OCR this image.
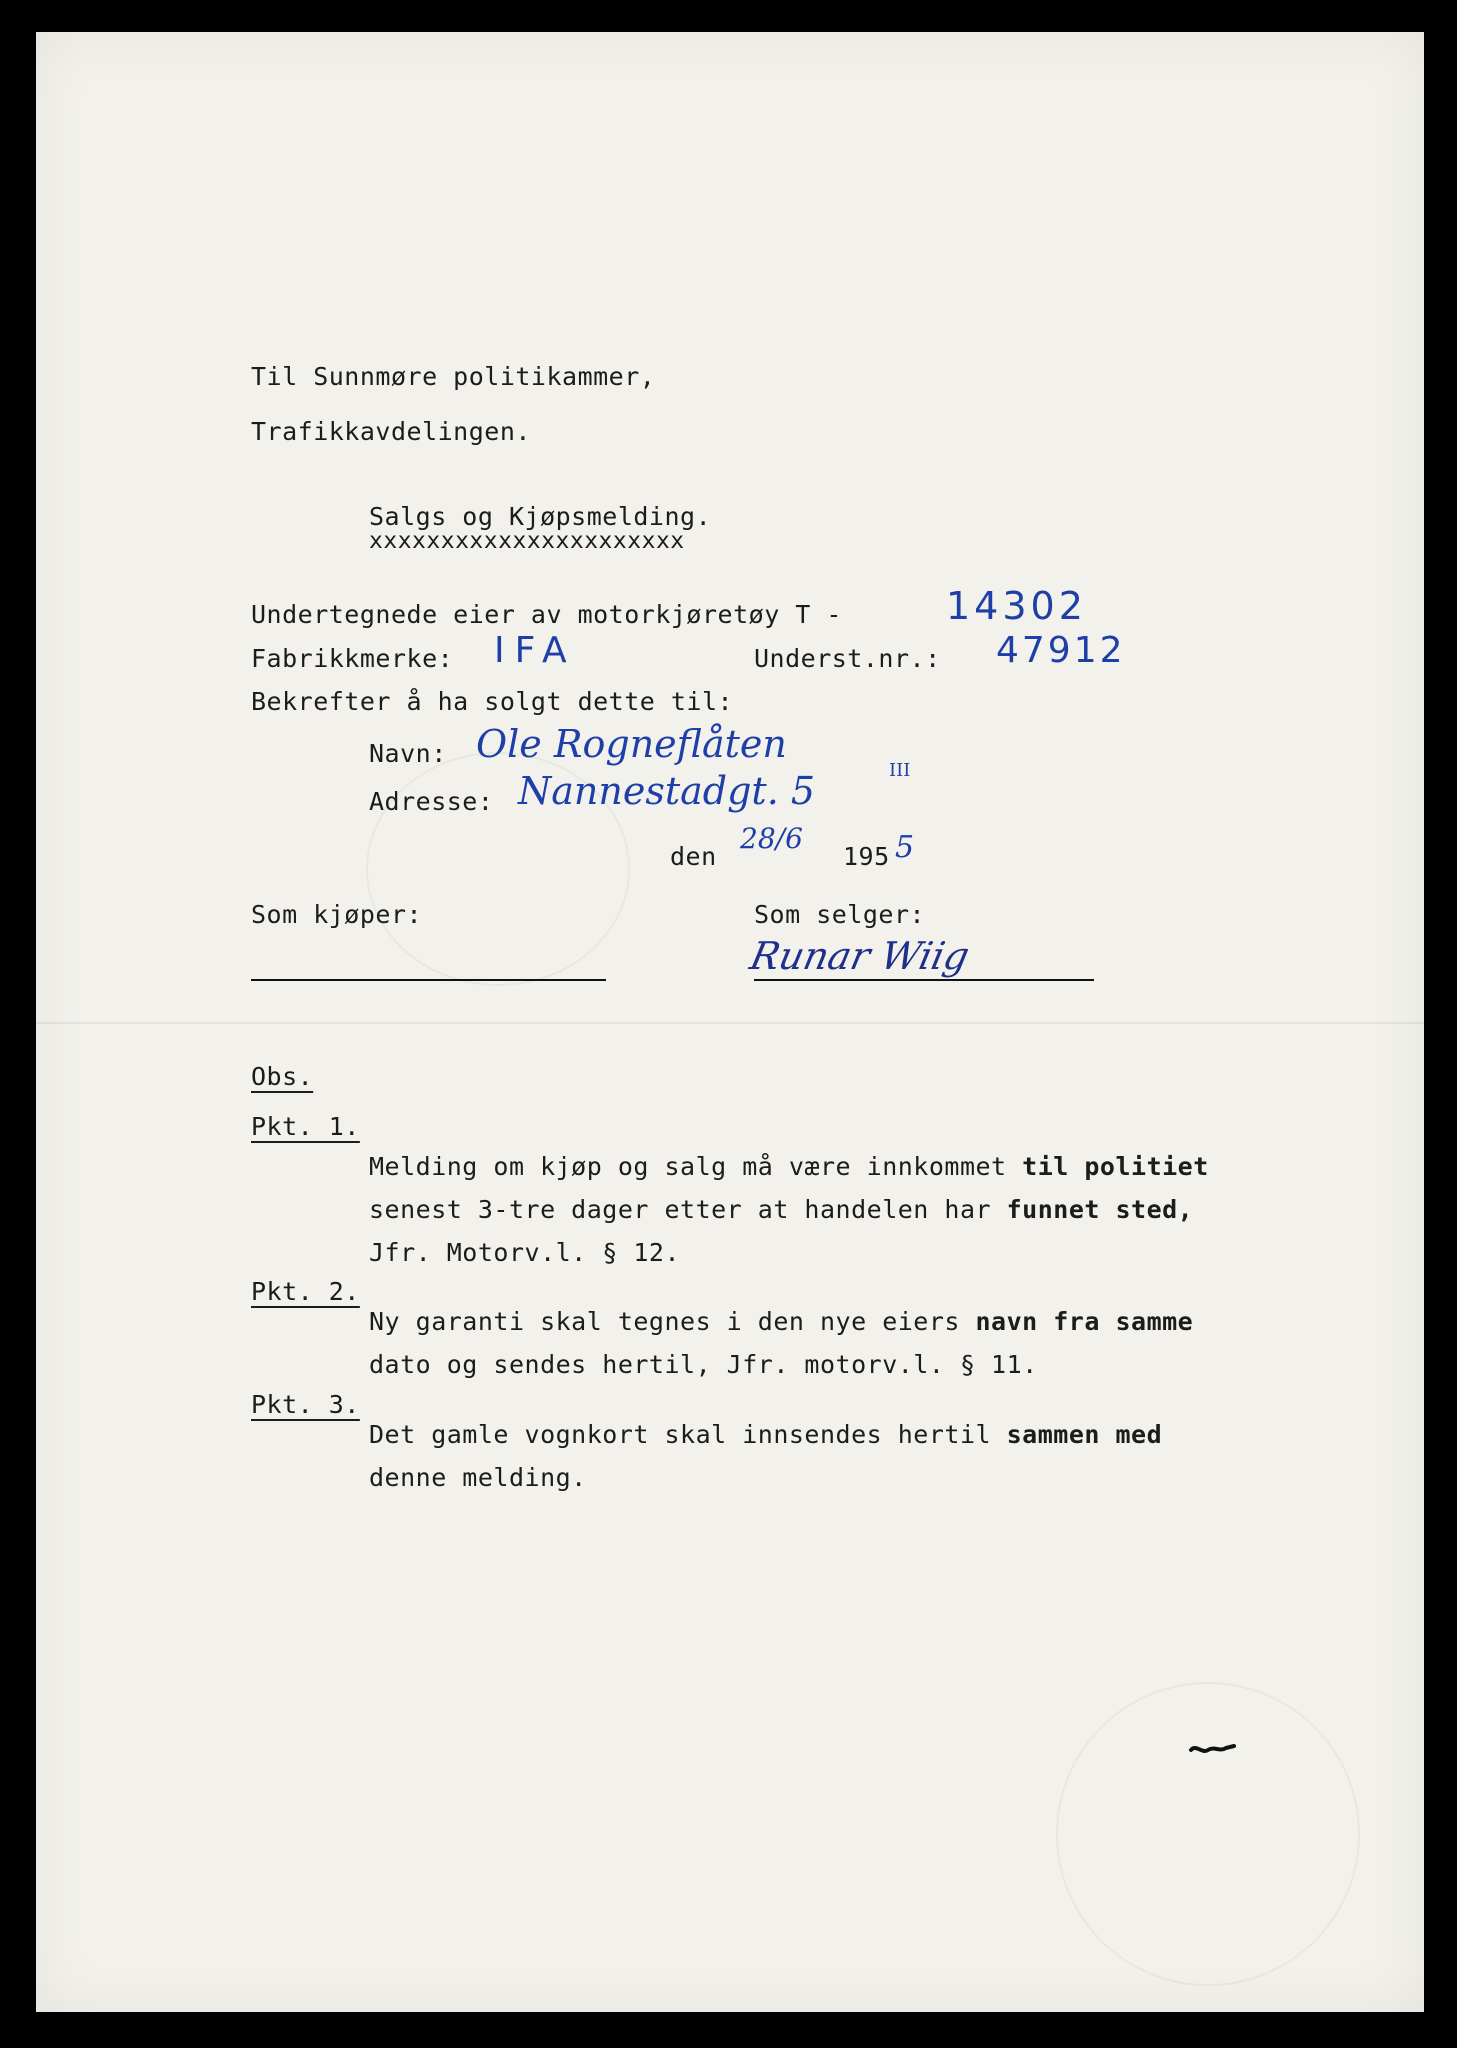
Til Sunnmøre politikammer,
Trafikkavdelingen.
Salgs og Kjøpsmelding.
xxxxxxxxxxxxxxxxxxxxxx
Undertegnede eier av motorkjøretøy T -	14302
Fabrikkmerke: IFA	Underst.nr.: 47912
Bekrefter å ha solgt dette til:
Navn: Ole Rogneflåten
Adresse: Nannestadgt. 5	III
den
28/6
195 5
Som kjøper:	Som selger:
Runar Wiig
Obs.
Pkt. 1.
Melding om kjøp og salg må være innkommet til politiet
senest 3-tre dager etter at handelen har funnet sted,
Jfr. Motorv.l. § 12.
Pkt. 2.
Ny garanti skal tegnes i den nye eiers navn fra samme
dato og sendes hertil, Jfr. motorv.l. § 11.
Pkt. 3.
Det gamle vognkort skal innsendes hertil sammen med
denne melding.
